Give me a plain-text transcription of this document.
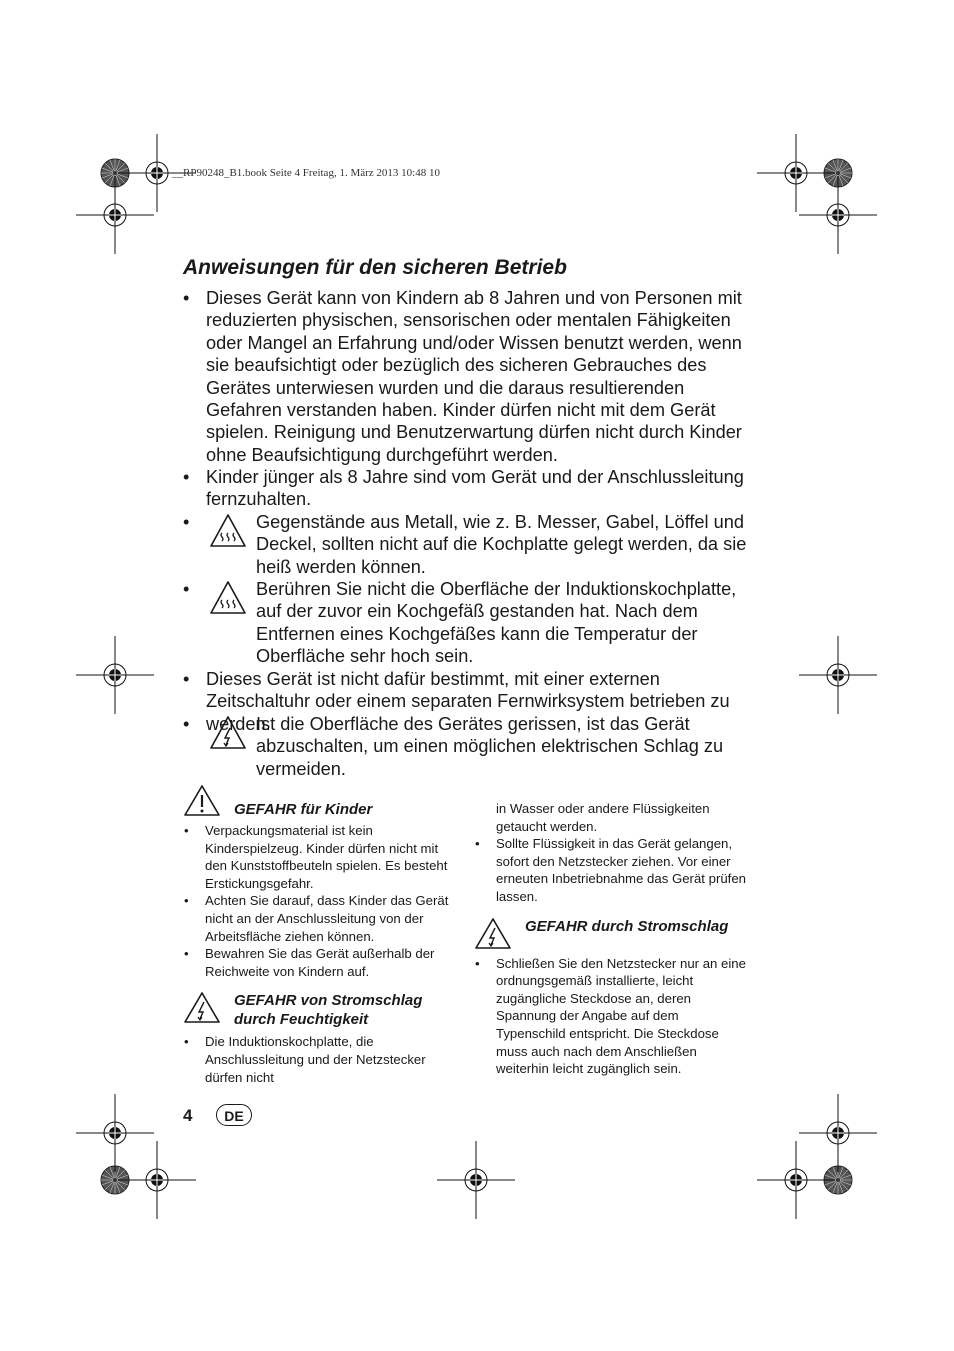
__RP90248_B1.book Seite 4 Freitag, 1. März 2013 10:48 10
Anweisungen für den sicheren Betrieb
• Dieses Gerät kann von Kindern ab 8 Jahren und von Personen mit reduzierten physischen, sensorischen oder mentalen Fähigkeiten oder Mangel an Erfahrung und/oder Wissen benutzt werden, wenn sie beaufsichtigt oder bezüglich des sicheren Gebrauches des Gerätes unterwiesen wurden und die daraus resultierenden Gefahren verstanden haben. Kinder dürfen nicht mit dem Gerät spielen. Reinigung und Benutzerwartung dürfen nicht durch Kinder ohne Beaufsichtigung durchgeführt werden.
• Kinder jünger als 8 Jahre sind vom Gerät und der Anschlussleitung fernzuhalten.
•	Gegenstände aus Metall, wie z. B. Messer, Gabel, Löffel und Deckel, sollten nicht auf die Kochplatte gelegt werden, da sie heiß werden können.
•	Berühren Sie nicht die Oberfläche der Induktionskochplatte, auf der zuvor ein Kochgefäß gestanden hat. Nach dem Entfernen eines Kochgefäßes kann die Temperatur der Oberfläche sehr hoch sein.
• Dieses Gerät ist nicht dafür bestimmt, mit einer externen Zeitschaltuhr oder einem separaten Fernwirksystem betrieben zu werden.
•	Ist die Oberfläche des Gerätes gerissen, ist das Gerät abzuschalten, um einen möglichen elektrischen Schlag zu vermeiden.
GEFAHR für Kinder
• Verpackungsmaterial ist kein Kinderspielzeug. Kinder dürfen nicht mit den Kunststoffbeuteln spielen. Es besteht Erstickungsgefahr.
• Achten Sie darauf, dass Kinder das Gerät nicht an der Anschlussleitung von der Arbeitsfläche ziehen können.
• Bewahren Sie das Gerät außerhalb der Reichweite von Kindern auf.
GEFAHR von Stromschlag durch Feuchtigkeit
• Die Induktionskochplatte, die Anschlussleitung und der Netzstecker dürfen nicht
in Wasser oder andere Flüssigkeiten getaucht werden.
• Sollte Flüssigkeit in das Gerät gelangen, sofort den Netzstecker ziehen. Vor einer erneuten Inbetriebnahme das Gerät prüfen lassen.
GEFAHR durch Stromschlag
• Schließen Sie den Netzstecker nur an eine ordnungsgemäß installierte, leicht zugängliche Steckdose an, deren Spannung der Angabe auf dem Typenschild entspricht. Die Steckdose muss auch nach dem Anschließen weiterhin leicht zugänglich sein.
4	DE
